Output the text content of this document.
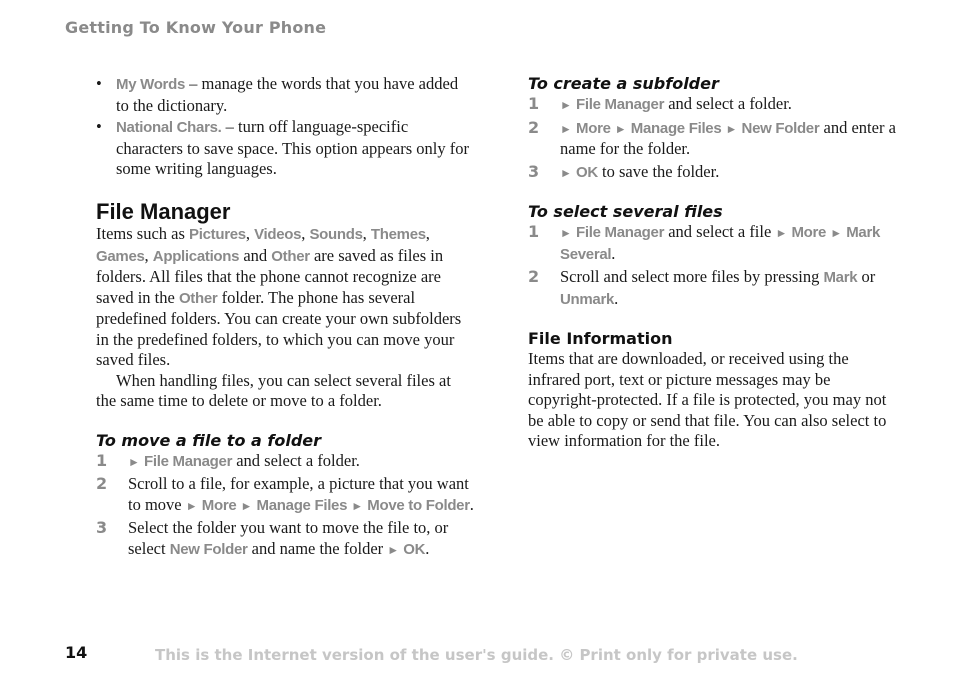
Getting To Know Your Phone
• My Words – manage the words that you have added to the dictionary.
• National Chars. – turn off language-specific characters to save space. This option appears only for some writing languages.
File Manager

Items such as Pictures, Videos, Sounds, Themes, Games, Applications and Other are saved as files in folders. All files that the phone cannot recognize are saved in the Other folder. The phone has several predefined folders. You can create your own subfolders in the predefined folders, to which you can move your saved files.

When handling files, you can select several files at the same time to delete or move to a folder.

To move a file to a folder
1 ► File Manager and select a folder.
2 Scroll to a file, for example, a picture that you want to move ► More ► Manage Files ► Move to Folder.
3 Select the folder you want to move the file to, or select New Folder and name the folder ► OK.
To create a subfolder
1 ► File Manager and select a folder.
2 ► More ► Manage Files ► New Folder and enter a name for the folder.
3 ► OK to save the folder.
To select several files
1 ► File Manager and select a file ► More ► Mark Several.
2 Scroll and select more files by pressing Mark or Unmark.
File Information

Items that are downloaded, or received using the infrared port, text or picture messages may be copyright-protected. If a file is protected, you may not be able to copy or send that file. You can also select to view information for the file.

14	This is the Internet version of the user's guide. © Print only for private use.
